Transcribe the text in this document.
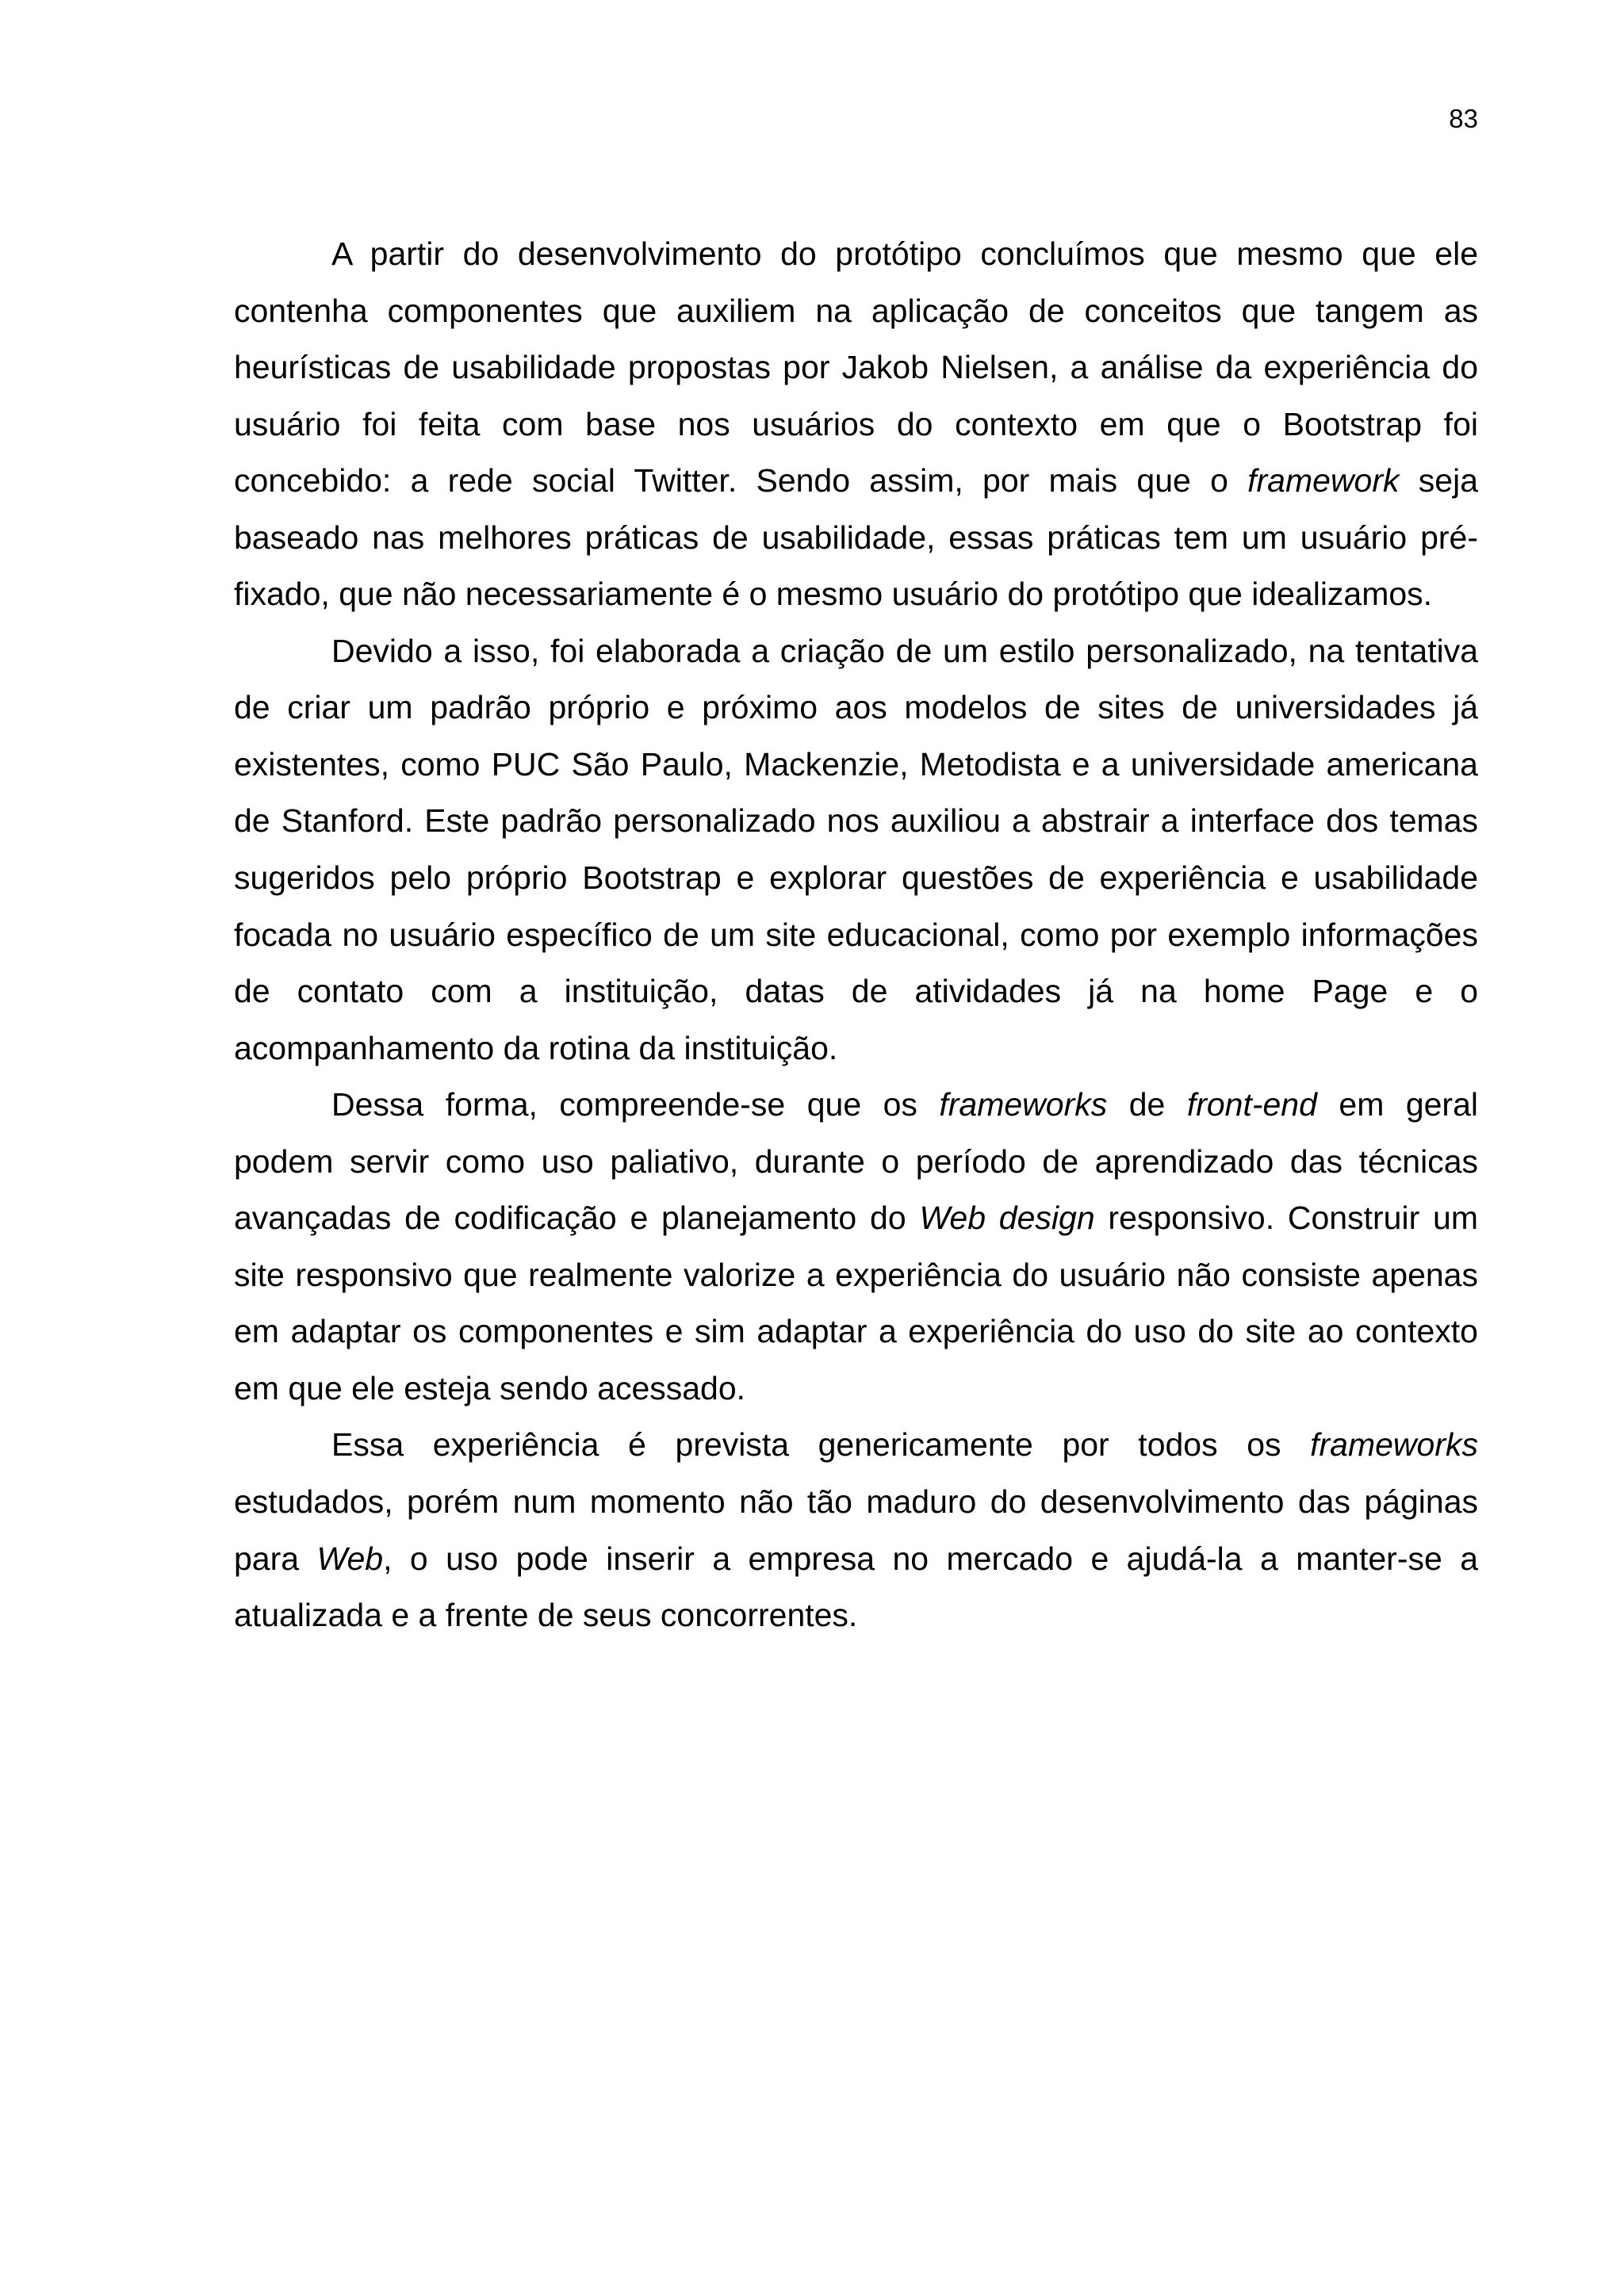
83
A partir do desenvolvimento do protótipo concluímos que mesmo que ele
contenha componentes que auxiliem na aplicação de conceitos que tangem as
heurísticas de usabilidade propostas por Jakob Nielsen, a análise da experiência do
usuário foi feita com base nos usuários do contexto em que o Bootstrap foi
concebido: a rede social Twitter. Sendo assim, por mais que o framework seja
baseado nas melhores práticas de usabilidade, essas práticas tem um usuário pré-
fixado, que não necessariamente é o mesmo usuário do protótipo que idealizamos.
Devido a isso, foi elaborada a criação de um estilo personalizado, na tentativa
de criar um padrão próprio e próximo aos modelos de sites de universidades já
existentes, como PUC São Paulo, Mackenzie, Metodista e a universidade americana
de Stanford. Este padrão personalizado nos auxiliou a abstrair a interface dos temas
sugeridos pelo próprio Bootstrap e explorar questões de experiência e usabilidade
focada no usuário específico de um site educacional, como por exemplo informações
de contato com a instituição, datas de atividades já na home Page e o
acompanhamento da rotina da instituição.
Dessa forma, compreende-se que os frameworks de front-end em geral
podem servir como uso paliativo, durante o período de aprendizado das técnicas
avançadas de codificação e planejamento do Web design responsivo. Construir um
site responsivo que realmente valorize a experiência do usuário não consiste apenas
em adaptar os componentes e sim adaptar a experiência do uso do site ao contexto
em que ele esteja sendo acessado.
Essa experiência é prevista genericamente por todos os frameworks
estudados, porém num momento não tão maduro do desenvolvimento das páginas
para Web, o uso pode inserir a empresa no mercado e ajudá-la a manter-se a
atualizada e a frente de seus concorrentes.
